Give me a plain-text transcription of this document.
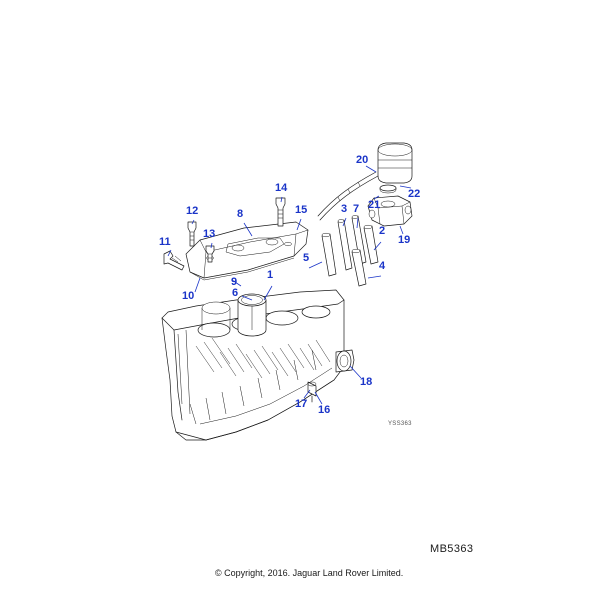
1
2
3
4
5
6
7
8
9
10
11
12
13
14
15
16
17
18
19
20
21
22
YSS363
MB5363
© Copyright, 2016. Jaguar Land Rover Limited.
